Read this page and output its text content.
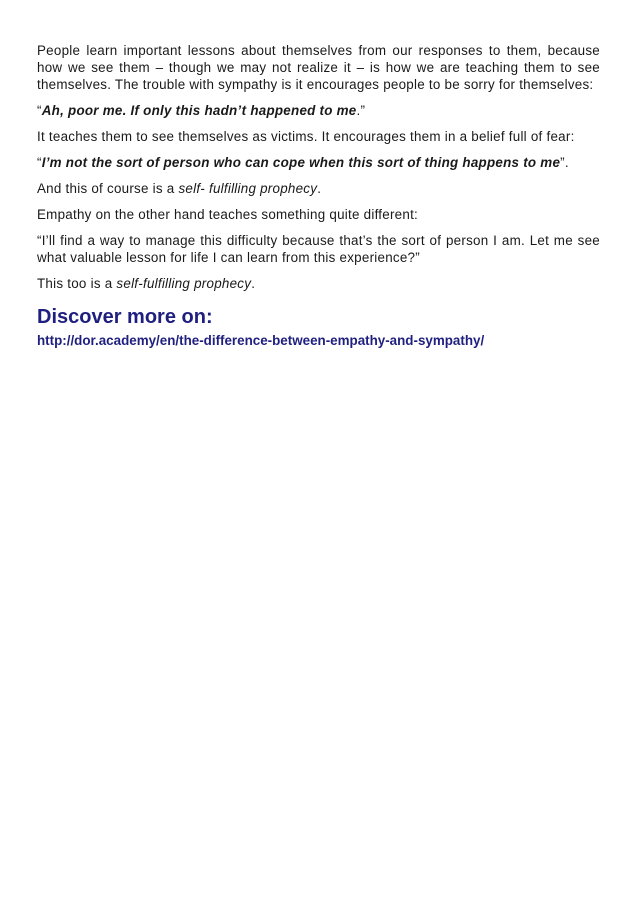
People learn important lessons about themselves from our responses to them, because how we see them – though we may not realize it – is how we are teaching them to see themselves. The trouble with sympathy is it encourages people to be sorry for themselves:

“Ah, poor me. If only this hadn’t happened to me.”

It teaches them to see themselves as victims. It encourages them in a belief full of fear:

“I’m not the sort of person who can cope when this sort of thing happens to me”.

And this of course is a self- fulfilling prophecy.

Empathy on the other hand teaches something quite different:

“I’ll find a way to manage this difficulty because that’s the sort of person I am. Let me see what valuable lesson for life I can learn from this experience?”

This too is a self-fulfilling prophecy.

Discover more on:
http://dor.academy/en/the-difference-between-empathy-and-sympathy/
